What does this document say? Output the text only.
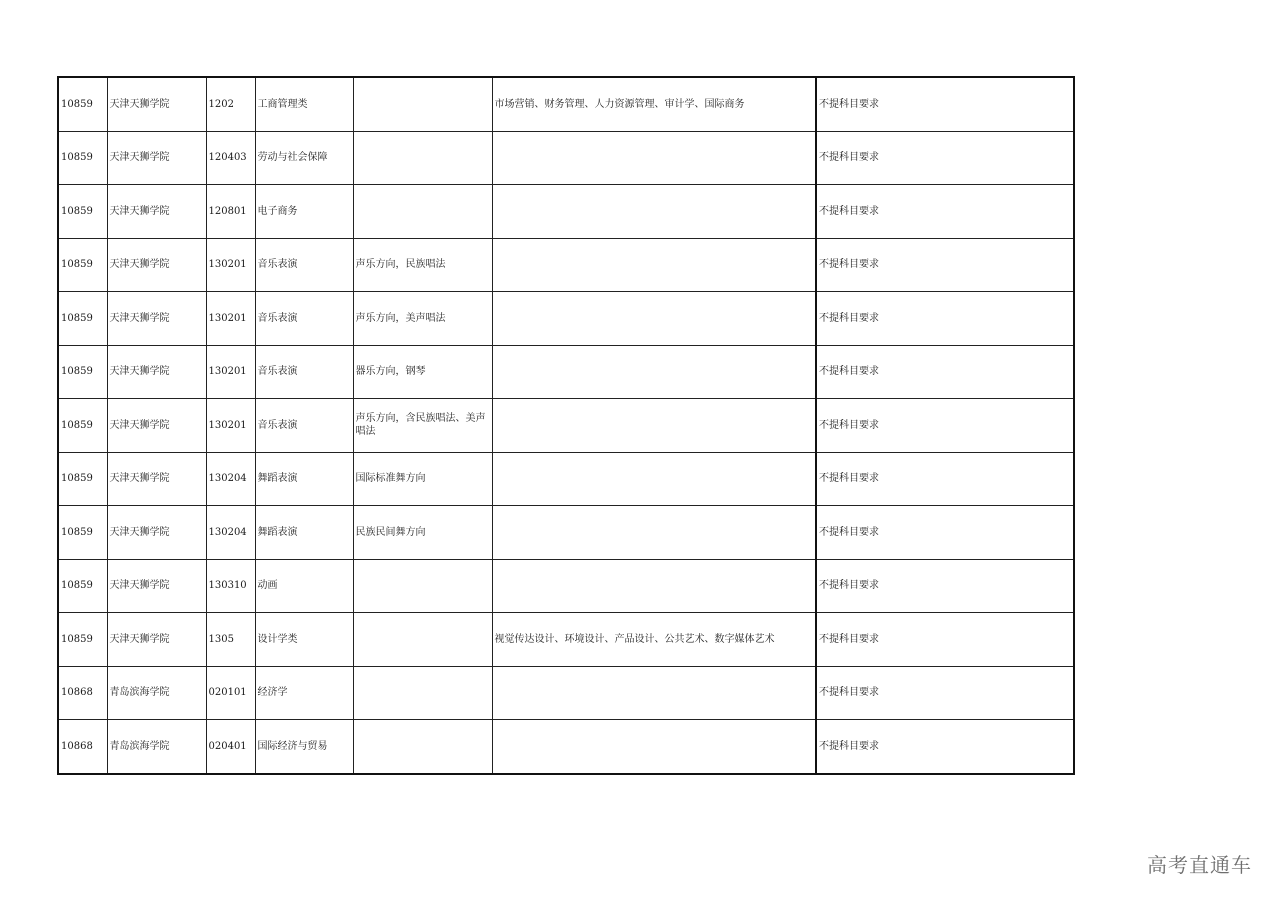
10859	天津天狮学院	1202	工商管理类		市场营销、财务管理、人力资源管理、审计学、国际商务	不提科目要求
10859	天津天狮学院	120403	劳动与社会保障			不提科目要求
10859	天津天狮学院	120801	电子商务			不提科目要求
10859	天津天狮学院	130201	音乐表演	声乐方向，民族唱法		不提科目要求
10859	天津天狮学院	130201	音乐表演	声乐方向，美声唱法		不提科目要求
10859	天津天狮学院	130201	音乐表演	器乐方向，钢琴		不提科目要求
10859	天津天狮学院	130201	音乐表演	声乐方向，含民族唱法、美声唱法		不提科目要求
10859	天津天狮学院	130204	舞蹈表演	国际标准舞方向		不提科目要求
10859	天津天狮学院	130204	舞蹈表演	民族民间舞方向		不提科目要求
10859	天津天狮学院	130310	动画			不提科目要求
10859	天津天狮学院	1305	设计学类		视觉传达设计、环境设计、产品设计、公共艺术、数字媒体艺术	不提科目要求
10868	青岛滨海学院	020101	经济学			不提科目要求
10868	青岛滨海学院	020401	国际经济与贸易			不提科目要求
高考直通车
